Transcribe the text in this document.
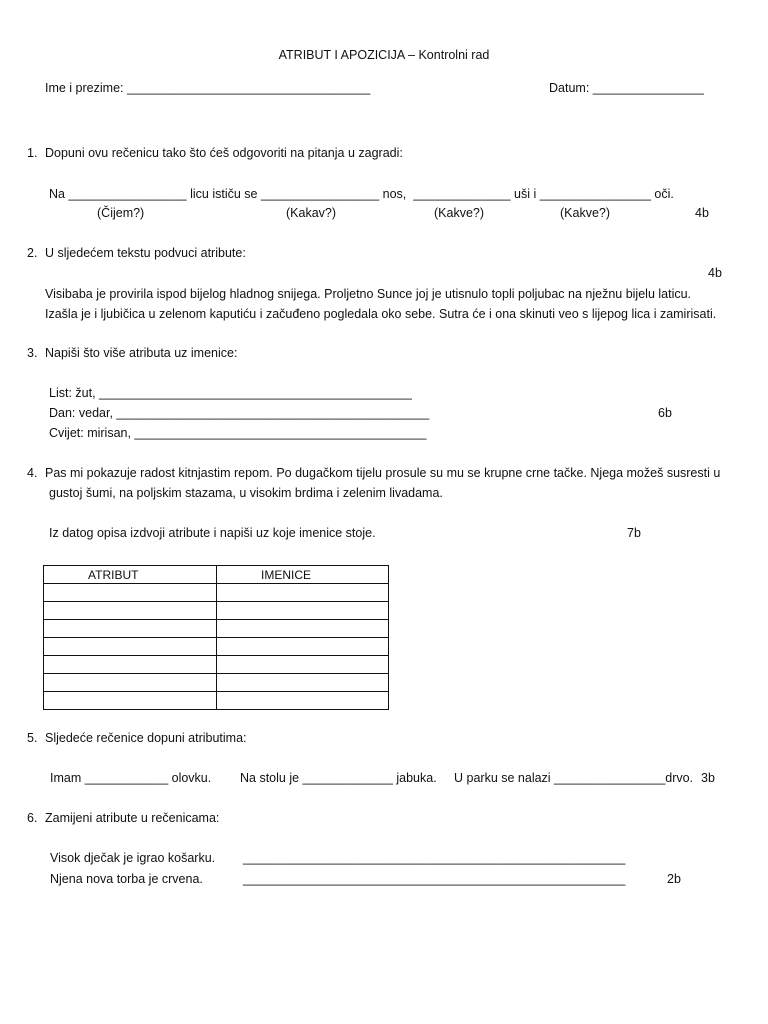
ATRIBUT I APOZICIJA – Kontrolni rad
Ime i prezime: ___________________________________	Datum: ________________
1. Dopuni ovu rečenicu tako što ćeš odgovoriti na pitanja u zagradi:
Na _________________ licu ističu se _________________ nos,  ______________ uši i ________________ oči.
(Čijem?)	(Kakav?)	(Kakve?)	(Kakve?)	4b
2. U sljedećem tekstu podvuci atribute:
4b
Visibaba je provirila ispod bijelog hladnog snijega. Proljetno Sunce joj je utisnulo topli poljubac na nježnu bijelu laticu.
Izašla je i ljubičica u zelenom kaputiću i začuđeno pogledala oko sebe. Sutra će i ona skinuti veo s lijepog lica i zamirisati.
3. Napiši što više atributa uz imenice:
List: žut, _____________________________________________
Dan: vedar, _____________________________________________	6b
Cvijet: mirisan, __________________________________________
4. Pas mi pokazuje radost kitnjastim repom. Po dugačkom tijelu prosule su mu se krupne crne tačke. Njega možeš susresti u
gustoj šumi, na poljskim stazama, u visokim brdima i zelenim livadama.
Iz datog opisa izdvoji atribute i napiši uz koje imenice stoje.	7b
ATRIBUT	IMENICE

5. Sljedeće rečenice dopuni atributima:
Imam ____________ olovku. Na stolu je _____________ jabuka. U parku se nalazi ________________drvo. 3b
6. Zamijeni atribute u rečenicama:
Visok dječak je igrao košarku. _______________________________________________________
Njena nova torba je crvena.	_______________________________________________________	2b
